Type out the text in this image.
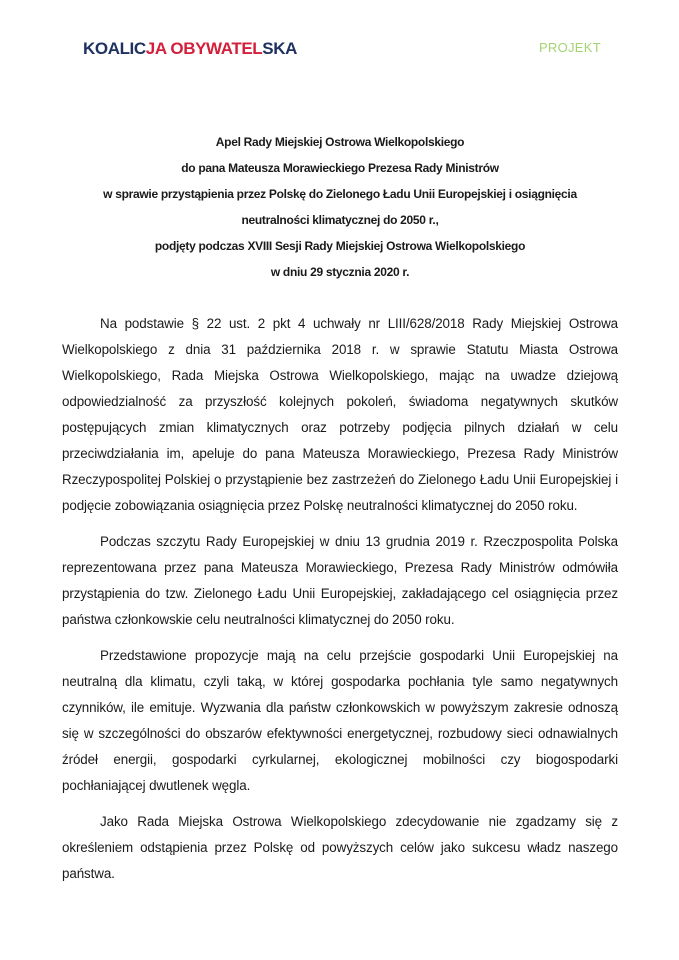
KOALICJA OBYWATELSKA	PROJEKT
Apel Rady Miejskiej Ostrowa Wielkopolskiego
do pana Mateusza Morawieckiego Prezesa Rady Ministrów
w sprawie przystąpienia przez Polskę do Zielonego Ładu Unii Europejskiej i osiągnięcia
neutralności klimatycznej do 2050 r.,
podjęty podczas XVIII Sesji Rady Miejskiej Ostrowa Wielkopolskiego
w dniu 29 stycznia 2020 r.

Na podstawie § 22 ust. 2 pkt 4 uchwały nr LIII/628/2018 Rady Miejskiej Ostrowa Wielkopolskiego z dnia 31 października 2018 r. w sprawie Statutu Miasta Ostrowa Wielkopolskiego, Rada Miejska Ostrowa Wielkopolskiego, mając na uwadze dziejową odpowiedzialność za przyszłość kolejnych pokoleń, świadoma negatywnych skutków postępujących zmian klimatycznych oraz potrzeby podjęcia pilnych działań w celu przeciwdziałania im, apeluje do pana Mateusza Morawieckiego, Prezesa Rady Ministrów Rzeczypospolitej Polskiej o przystąpienie bez zastrzeżeń do Zielonego Ładu Unii Europejskiej i podjęcie zobowiązania osiągnięcia przez Polskę neutralności klimatycznej do 2050 roku.

Podczas szczytu Rady Europejskiej w dniu 13 grudnia 2019 r. Rzeczpospolita Polska reprezentowana przez pana Mateusza Morawieckiego, Prezesa Rady Ministrów odmówiła przystąpienia do tzw. Zielonego Ładu Unii Europejskiej, zakładającego cel osiągnięcia przez państwa członkowskie celu neutralności klimatycznej do 2050 roku.

Przedstawione propozycje mają na celu przejście gospodarki Unii Europejskiej na neutralną dla klimatu, czyli taką, w której gospodarka pochłania tyle samo negatywnych czynników, ile emituje. Wyzwania dla państw członkowskich w powyższym zakresie odnoszą się w szczególności do obszarów efektywności energetycznej, rozbudowy sieci odnawialnych źródeł energii, gospodarki cyrkularnej, ekologicznej mobilności czy biogospodarki pochłaniającej dwutlenek węgla.

Jako Rada Miejska Ostrowa Wielkopolskiego zdecydowanie nie zgadzamy się z określeniem odstąpienia przez Polskę od powyższych celów jako sukcesu władz naszego państwa.
